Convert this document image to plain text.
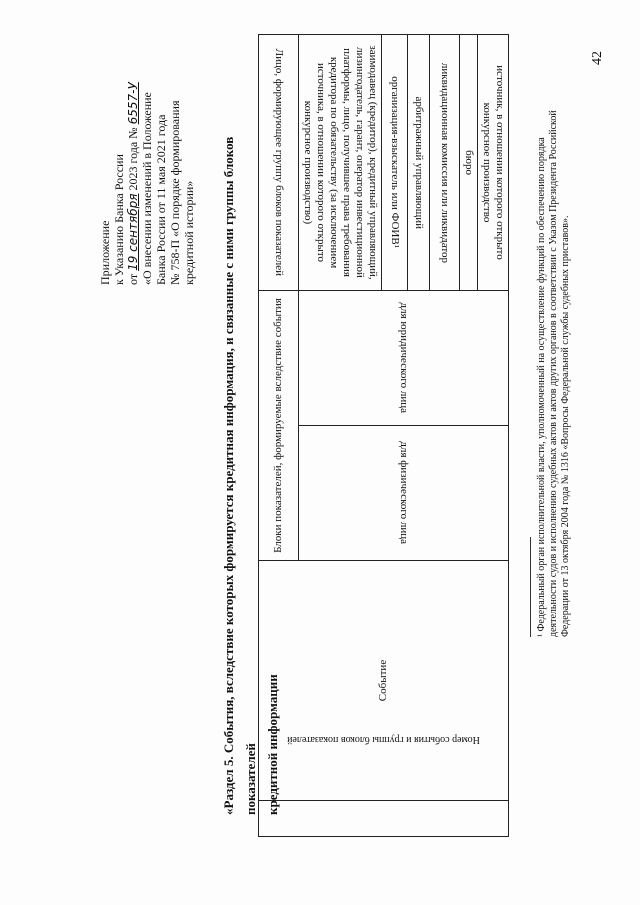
Приложение к Указанию Банка России от 19 сентября 2023 года № 6557-У «О внесении изменений в Положение Банка России от 11 мая 2021 года № 758-П «О порядке формирования кредитной истории» «Раздел 5. События, вследствие которых формируется кредитная информация, и связанные с ними группы блоков показателей кредитной информации Номер события и группы блоков показателей	Событие	Блоки показателей, формируемые вследствие события		Лицо, формирующее группу блоков показателей
		для физического лица	для юридического лица	заимодавец (кредитор), кредитный управляющий, лизингодатель, гарант, оператор инвестиционной платформы, лицо, получившее права требования кредитора по обязательству (за исключением источника, в отношении которого открыто конкурсное производство)
				организация-взыскатель или ФОИВ¹
				арбитражный управляющий
				ликвидационная комиссия или ликвидатор
				бюро
				источник, в отношении которого открыто конкурсное производство	¹ Федеральный орган исполнительной власти, уполномоченный на осуществление функций по обеспечению порядка деятельности судов и исполнению судебных актов и актов других органов в соответствии с Указом Президента Российской Федерации от 13 октября 2004 года № 1316 «Вопросы Федеральной службы судебных приставов».
42
